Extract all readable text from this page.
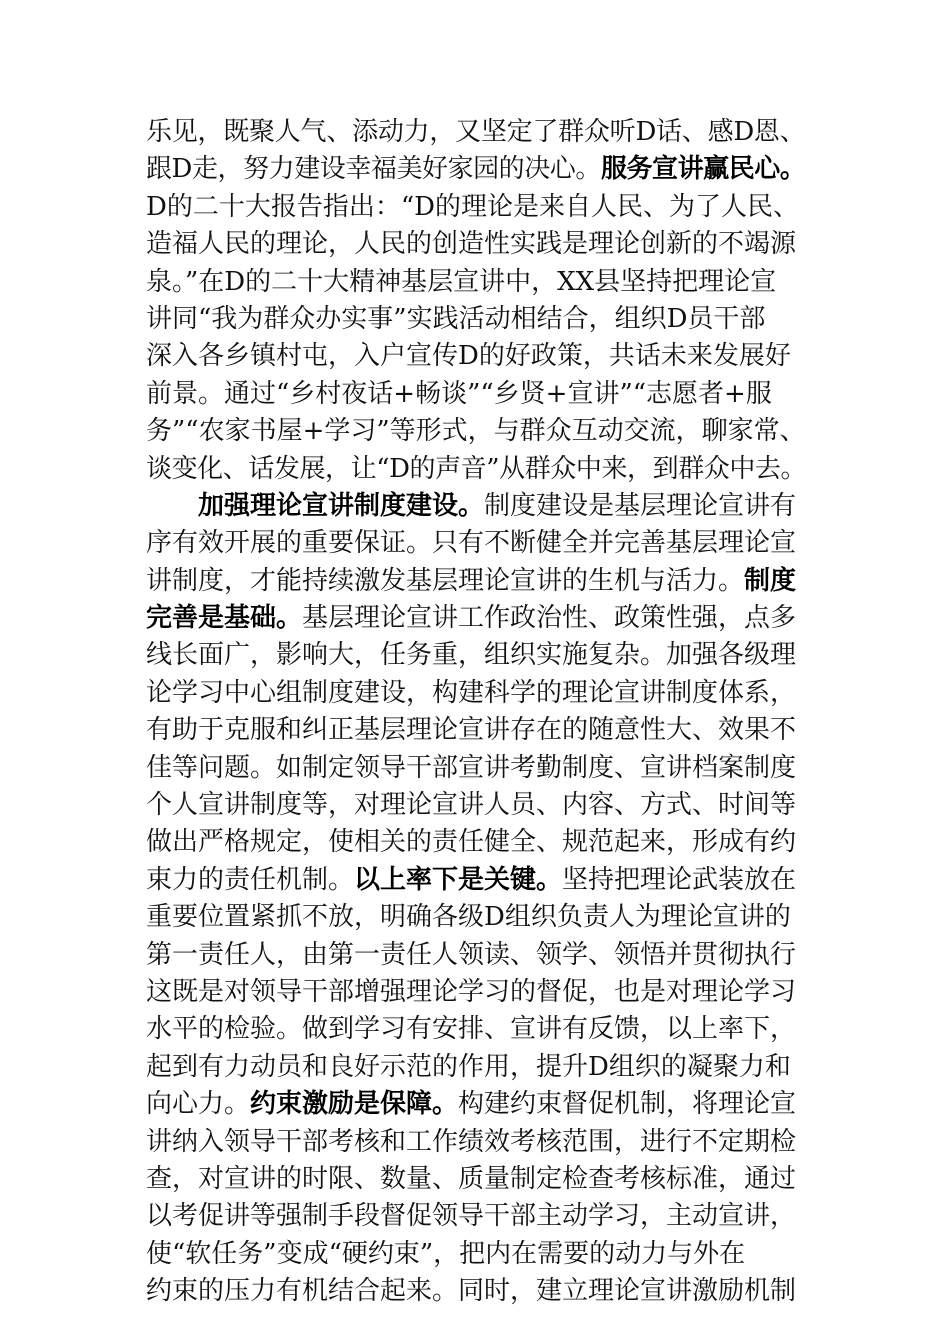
乐见，既聚人气、添动力，又坚定了群众听D话、感D恩、
跟D走，努力建设幸福美好家园的决心。服务宣讲赢民心。
D的二十大报告指出：“D的理论是来自人民、为了人民、
造福人民的理论，人民的创造性实践是理论创新的不竭源
泉。”在D的二十大精神基层宣讲中，XX县坚持把理论宣
讲同“我为群众办实事”实践活动相结合，组织D员干部
深入各乡镇村屯，入户宣传D的好政策，共话未来发展好
前景。通过“乡村夜话+畅谈”“乡贤+宣讲”“志愿者+服
务”“农家书屋+学习”等形式，与群众互动交流，聊家常、
谈变化、话发展，让“D的声音”从群众中来，到群众中去。
加强理论宣讲制度建设。制度建设是基层理论宣讲有
序有效开展的重要保证。只有不断健全并完善基层理论宣
讲制度，才能持续激发基层理论宣讲的生机与活力。制度
完善是基础。基层理论宣讲工作政治性、政策性强，点多
线长面广，影响大，任务重，组织实施复杂。加强各级理
论学习中心组制度建设，构建科学的理论宣讲制度体系，
有助于克服和纠正基层理论宣讲存在的随意性大、效果不
佳等问题。如制定领导干部宣讲考勤制度、宣讲档案制度
个人宣讲制度等，对理论宣讲人员、内容、方式、时间等
做出严格规定，使相关的责任健全、规范起来，形成有约
束力的责任机制。以上率下是关键。坚持把理论武装放在
重要位置紧抓不放，明确各级D组织负责人为理论宣讲的
第一责任人，由第一责任人领读、领学、领悟并贯彻执行
这既是对领导干部增强理论学习的督促，也是对理论学习
水平的检验。做到学习有安排、宣讲有反馈，以上率下，
起到有力动员和良好示范的作用，提升D组织的凝聚力和
向心力。约束激励是保障。构建约束督促机制，将理论宣
讲纳入领导干部考核和工作绩效考核范围，进行不定期检
查，对宣讲的时限、数量、质量制定检查考核标准，通过
以考促讲等强制手段督促领导干部主动学习，主动宣讲，
使“软任务”变成“硬约束”，把内在需要的动力与外在
约束的压力有机结合起来。同时，建立理论宣讲激励机制
